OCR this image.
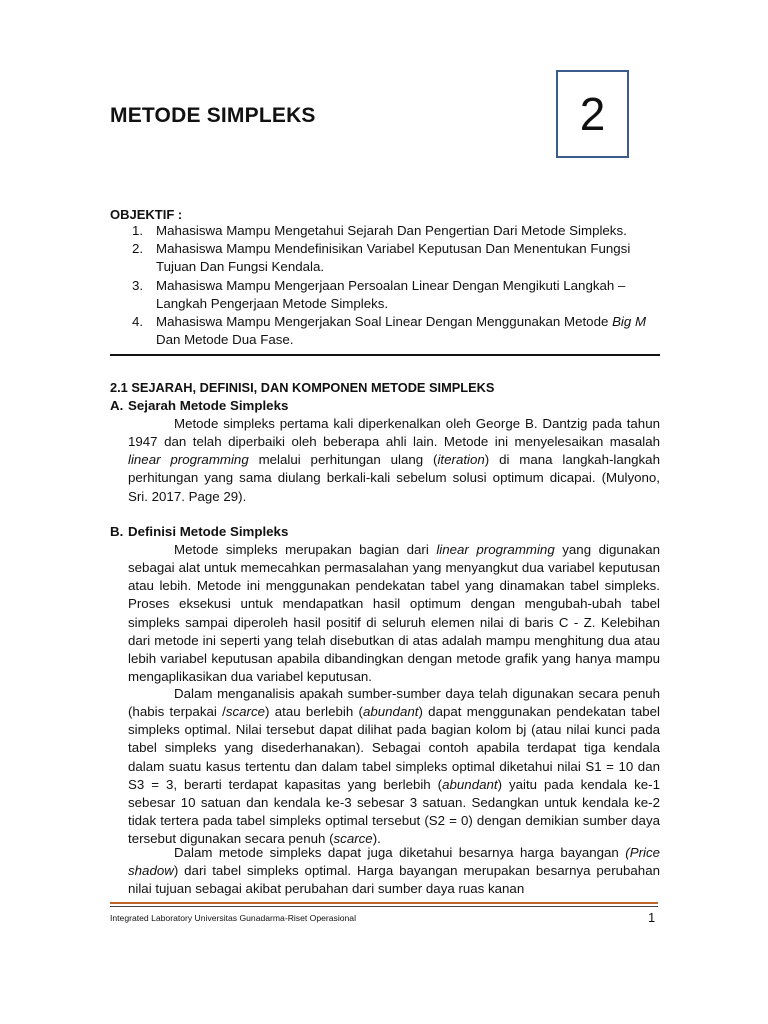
METODE SIMPLEKS	2
OBJEKTIF :
1. Mahasiswa Mampu Mengetahui Sejarah Dan Pengertian Dari Metode Simpleks.
2. Mahasiswa Mampu Mendefinisikan Variabel Keputusan Dan Menentukan Fungsi Tujuan Dan Fungsi Kendala.
3. Mahasiswa Mampu Mengerjaan Persoalan Linear Dengan Mengikuti Langkah – Langkah Pengerjaan Metode Simpleks.
4. Mahasiswa Mampu Mengerjakan Soal Linear Dengan Menggunakan Metode Big M Dan Metode Dua Fase.
2.1 SEJARAH, DEFINISI, DAN KOMPONEN METODE SIMPLEKS
A. Sejarah Metode Simpleks

Metode simpleks pertama kali diperkenalkan oleh George B. Dantzig pada tahun 1947 dan telah diperbaiki oleh beberapa ahli lain. Metode ini menyelesaikan masalah linear programming melalui perhitungan ulang (iteration) di mana langkah-langkah perhitungan yang sama diulang berkali-kali sebelum solusi optimum dicapai. (Mulyono, Sri. 2017. Page 29).

B. Definisi Metode Simpleks

Metode simpleks merupakan bagian dari linear programming yang digunakan sebagai alat untuk memecahkan permasalahan yang menyangkut dua variabel keputusan atau lebih. Metode ini menggunakan pendekatan tabel yang dinamakan tabel simpleks. Proses eksekusi untuk mendapatkan hasil optimum dengan mengubah-ubah tabel simpleks sampai diperoleh hasil positif di seluruh elemen nilai di baris C - Z. Kelebihan dari metode ini seperti yang telah disebutkan di atas adalah mampu menghitung dua atau lebih variabel keputusan apabila dibandingkan dengan metode grafik yang hanya mampu mengaplikasikan dua variabel keputusan.

Dalam menganalisis apakah sumber-sumber daya telah digunakan secara penuh (habis terpakai /scarce) atau berlebih (abundant) dapat menggunakan pendekatan tabel simpleks optimal. Nilai tersebut dapat dilihat pada bagian kolom bj (atau nilai kunci pada tabel simpleks yang disederhanakan). Sebagai contoh apabila terdapat tiga kendala dalam suatu kasus tertentu dan dalam tabel simpleks optimal diketahui nilai S1 = 10 dan S3 = 3, berarti terdapat kapasitas yang berlebih (abundant) yaitu pada kendala ke-1 sebesar 10 satuan dan kendala ke-3 sebesar 3 satuan. Sedangkan untuk kendala ke-2 tidak tertera pada tabel simpleks optimal tersebut (S2 = 0) dengan demikian sumber daya tersebut digunakan secara penuh (scarce).

Dalam metode simpleks dapat juga diketahui besarnya harga bayangan (Price shadow) dari tabel simpleks optimal. Harga bayangan merupakan besarnya perubahan nilai tujuan sebagai akibat perubahan dari sumber daya ruas kanan

Integrated Laboratory Universitas Gunadarma-Riset Operasional	1
